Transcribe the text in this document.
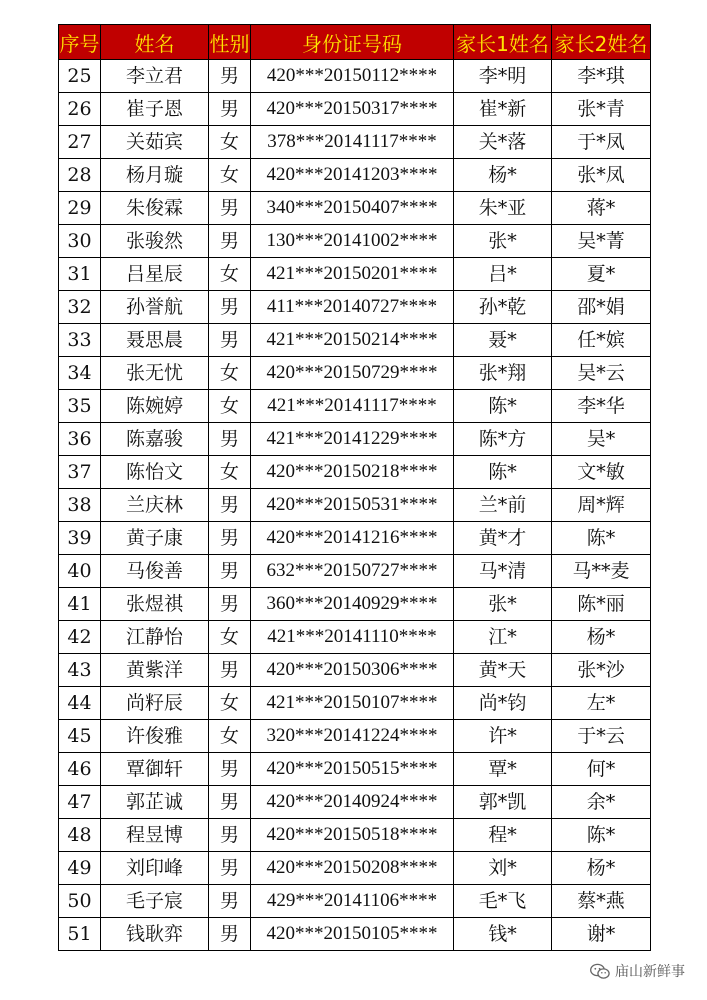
序号	姓名	性别	身份证号码	家长1姓名	家长2姓名
25	李立君	男	420***20150112****	李*明	李*琪
26	崔子恩	男	420***20150317****	崔*新	张*青
27	关茹宾	女	378***20141117****	关*落	于*凤
28	杨月璇	女	420***20141203****	杨*	张*凤
29	朱俊霖	男	340***20150407****	朱*亚	蒋*
30	张骏然	男	130***20141002****	张*	吴*菁
31	吕星辰	女	421***20150201****	吕*	夏*
32	孙誉航	男	411***20140727****	孙*乾	邵*娟
33	聂思晨	男	421***20150214****	聂*	任*嫔
34	张无忧	女	420***20150729****	张*翔	吴*云
35	陈婉婷	女	421***20141117****	陈*	李*华
36	陈嘉骏	男	421***20141229****	陈*方	吴*
37	陈怡文	女	420***20150218****	陈*	文*敏
38	兰庆林	男	420***20150531****	兰*前	周*辉
39	黄子康	男	420***20141216****	黄*才	陈*
40	马俊善	男	632***20150727****	马*清	马**麦
41	张煜祺	男	360***20140929****	张*	陈*丽
42	江静怡	女	421***20141110****	江*	杨*
43	黄紫洋	男	420***20150306****	黄*天	张*沙
44	尚籽辰	女	421***20150107****	尚*钧	左*
45	许俊雅	女	320***20141224****	许*	于*云
46	覃御轩	男	420***20150515****	覃*	何*
47	郭芷诚	男	420***20140924****	郭*凯	余*
48	程昱博	男	420***20150518****	程*	陈*
49	刘印峰	男	420***20150208****	刘*	杨*
50	毛子宸	男	429***20141106****	毛*飞	蔡*燕
51	钱耿弈	男	420***20150105****	钱*	谢*
庙山新鲜事
